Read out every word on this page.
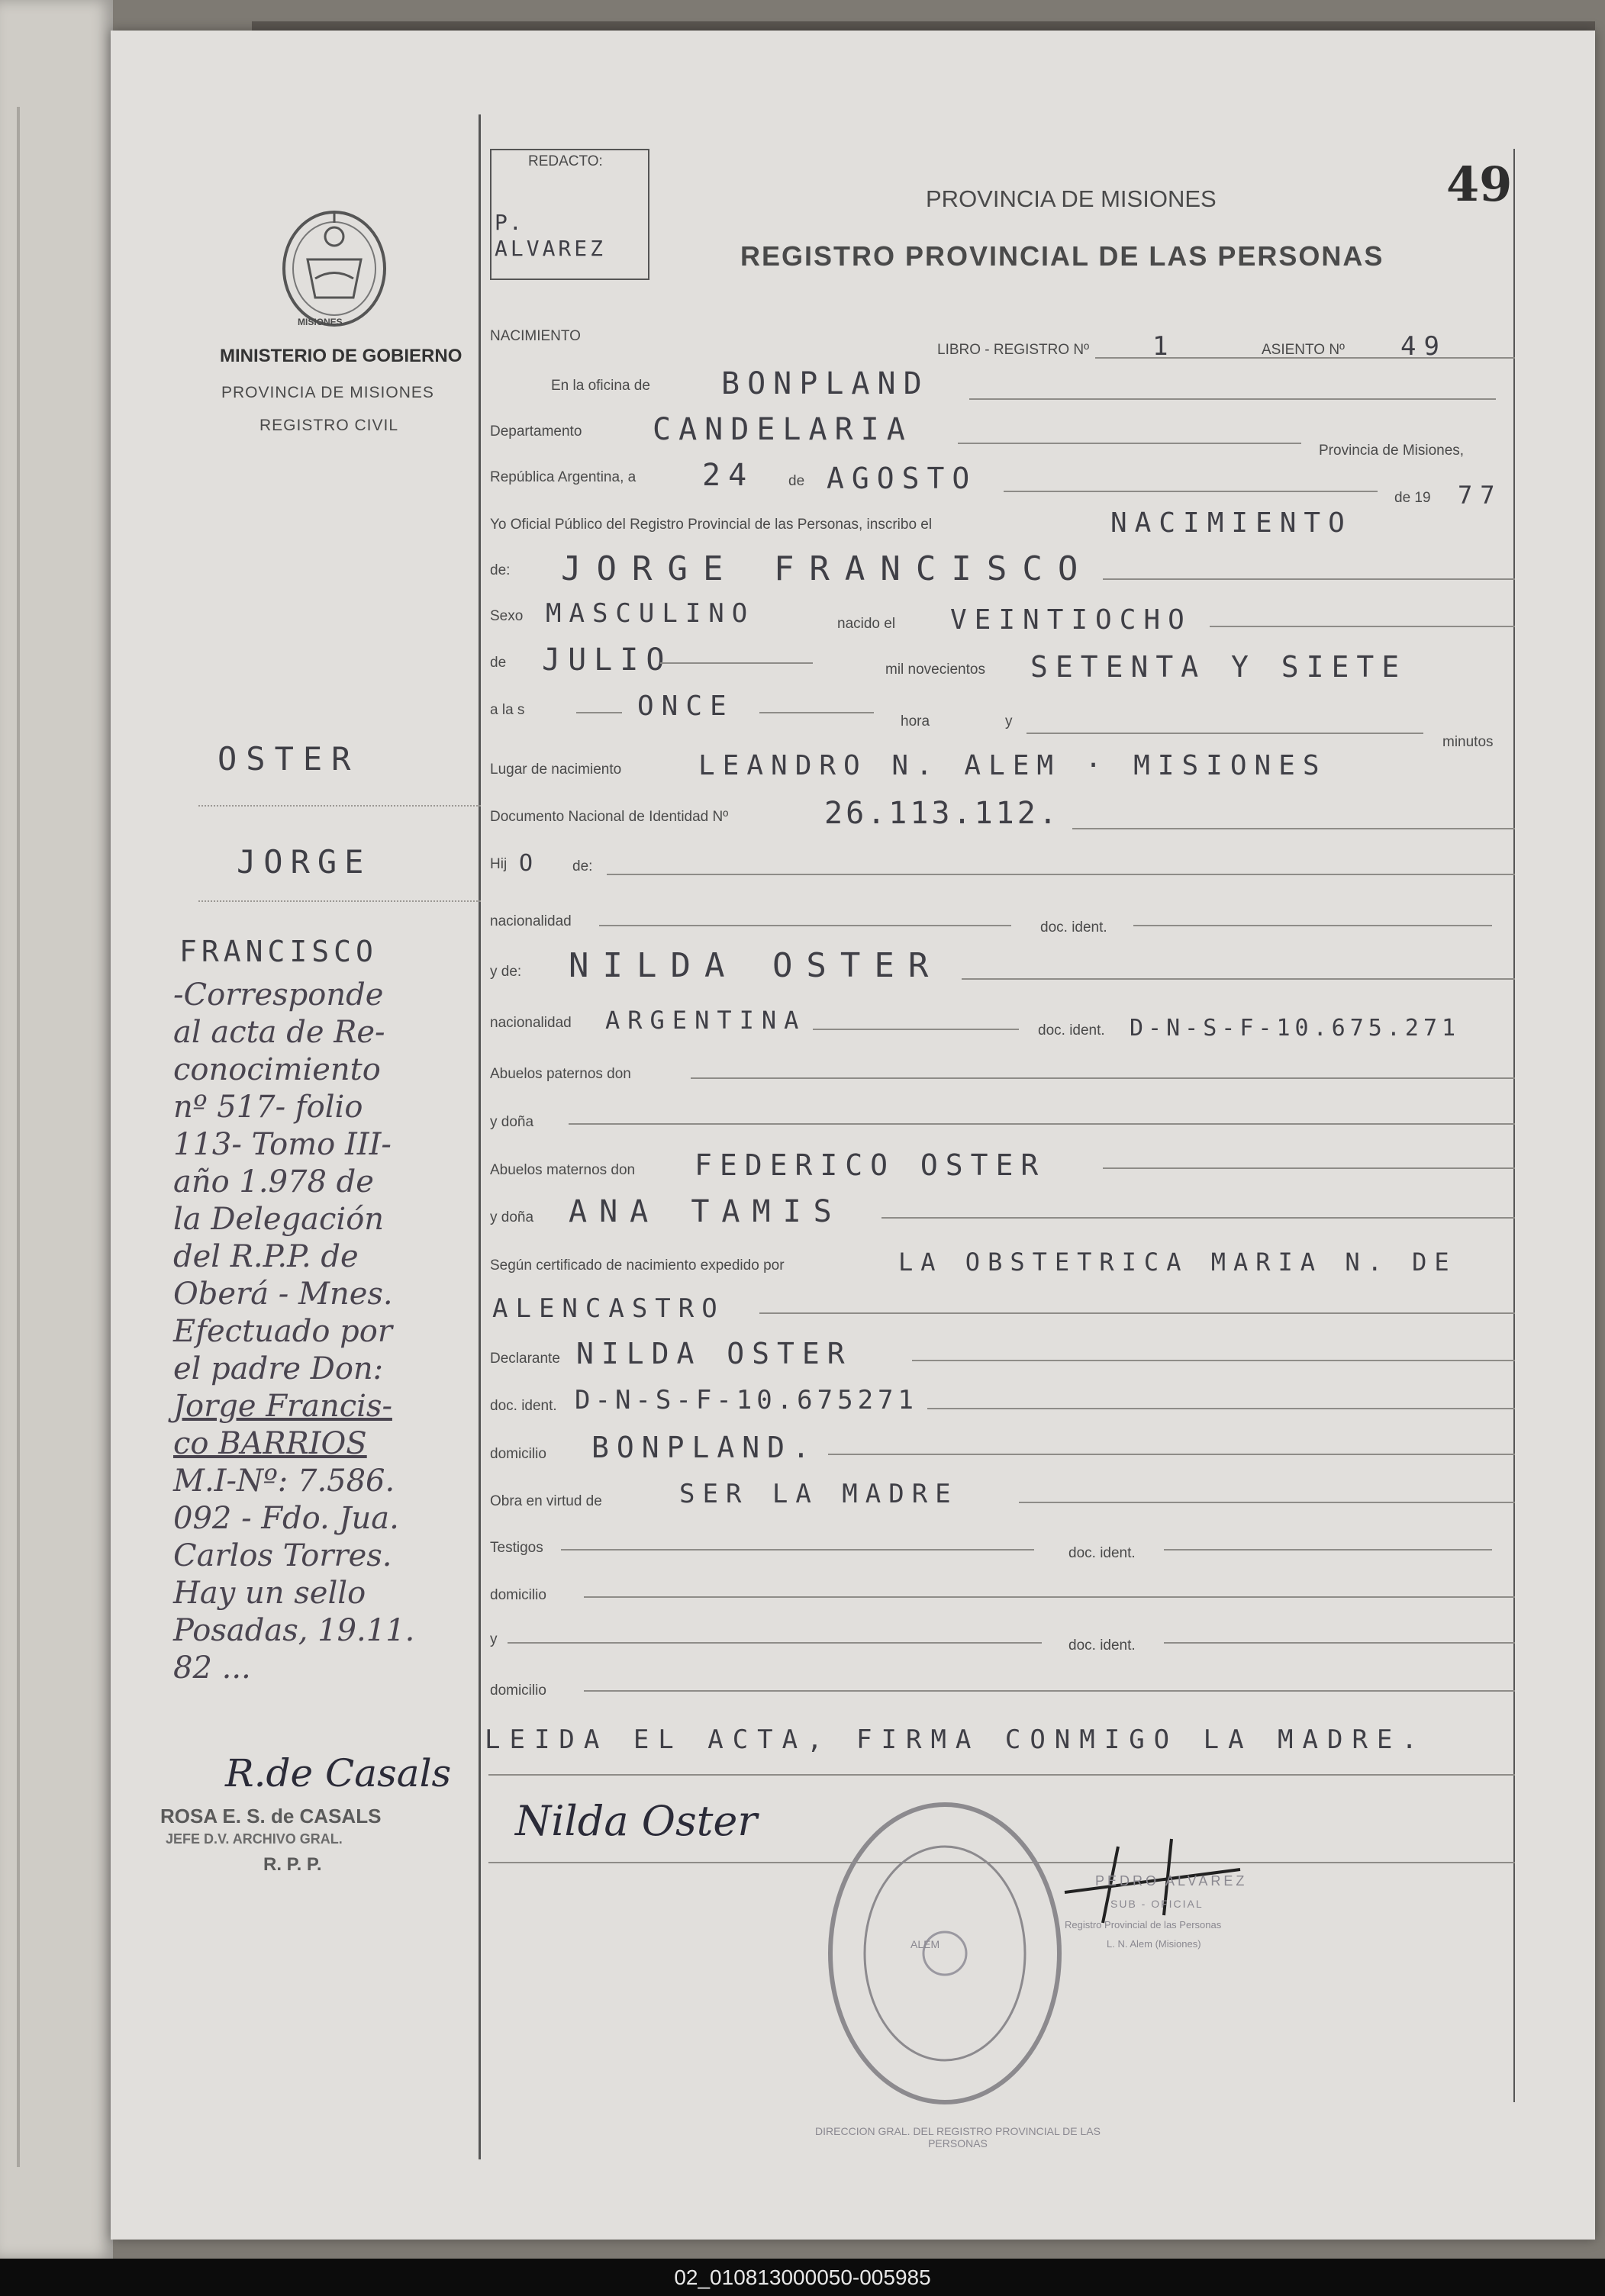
REDACTO:
P.
ALVAREZ
49
PROVINCIA DE MISIONES
REGISTRO PROVINCIAL DE LAS PERSONAS
MISIONES
MINISTERIO DE GOBIERNO
PROVINCIA DE MISIONES
REGISTRO CIVIL
NACIMIENTO
LIBRO - REGISTRO Nº 1	ASIENTO Nº 49
En la oficina de BONPLAND
Departamento CANDELARIA
Provincia de Misiones,
República Argentina, a 24 de AGOSTO
de 19 77
Yo Oficial Público del Registro Provincial de las Personas, inscribo el	NACIMIENTO
de: JORGE FRANCISCO
Sexo MASCULINO	nacido el VEINTIOCHO
de JULIO	mil novecientos SETENTA Y SIETE
a la s	ONCE	hora	y
minutos
Lugar de nacimiento	LEANDRO N. ALEM · MISIONES
Documento Nacional de Identidad Nº	26.113.112.
Hij O de:
nacionalidad	doc. ident.
y de: NILDA OSTER
nacionalidad ARGENTINA	doc. ident. D-N-S-F-10.675.271
Abuelos paternos don
y doña
Abuelos maternos don FEDERICO OSTER
y doña ANA TAMIS
Según certificado de nacimiento expedido por	LA OBSTETRICA MARIA N. DE
ALENCASTRO
Declarante NILDA OSTER
doc. ident. D-N-S-F-10.675271
domicilio BONPLAND.
Obra en virtud de	SER LA MADRE
Testigos	doc. ident.
domicilio
y	doc. ident.
domicilio
LEIDA EL ACTA, FIRMA CONMIGO LA MADRE.
Nilda Oster
ALEM
DIRECCION GRAL. DEL REGISTRO PROVINCIAL DE LAS PERSONAS
PEDRO ALVAREZ
SUB - OFICIAL
Registro Provincial de las Personas
L. N. Alem (Misiones)
OSTER
JORGE
FRANCISCO
-Corresponde
al acta de Re-
conocimiento
nº 517- folio
113- Tomo III-
año 1.978 de
la Delegación
del R.P.P. de
Oberá - Mnes.
Efectuado por
el padre Don:
Jorge Francis-
co BARRIOS
M.I-Nº: 7.586.
092 - Fdo. Jua.
Carlos Torres.
Hay un sello
Posadas, 19.11.
82 ...
R.de Casals
ROSA E. S. de CASALS
JEFE D.V. ARCHIVO GRAL.
R. P. P.
02_010813000050-005985
